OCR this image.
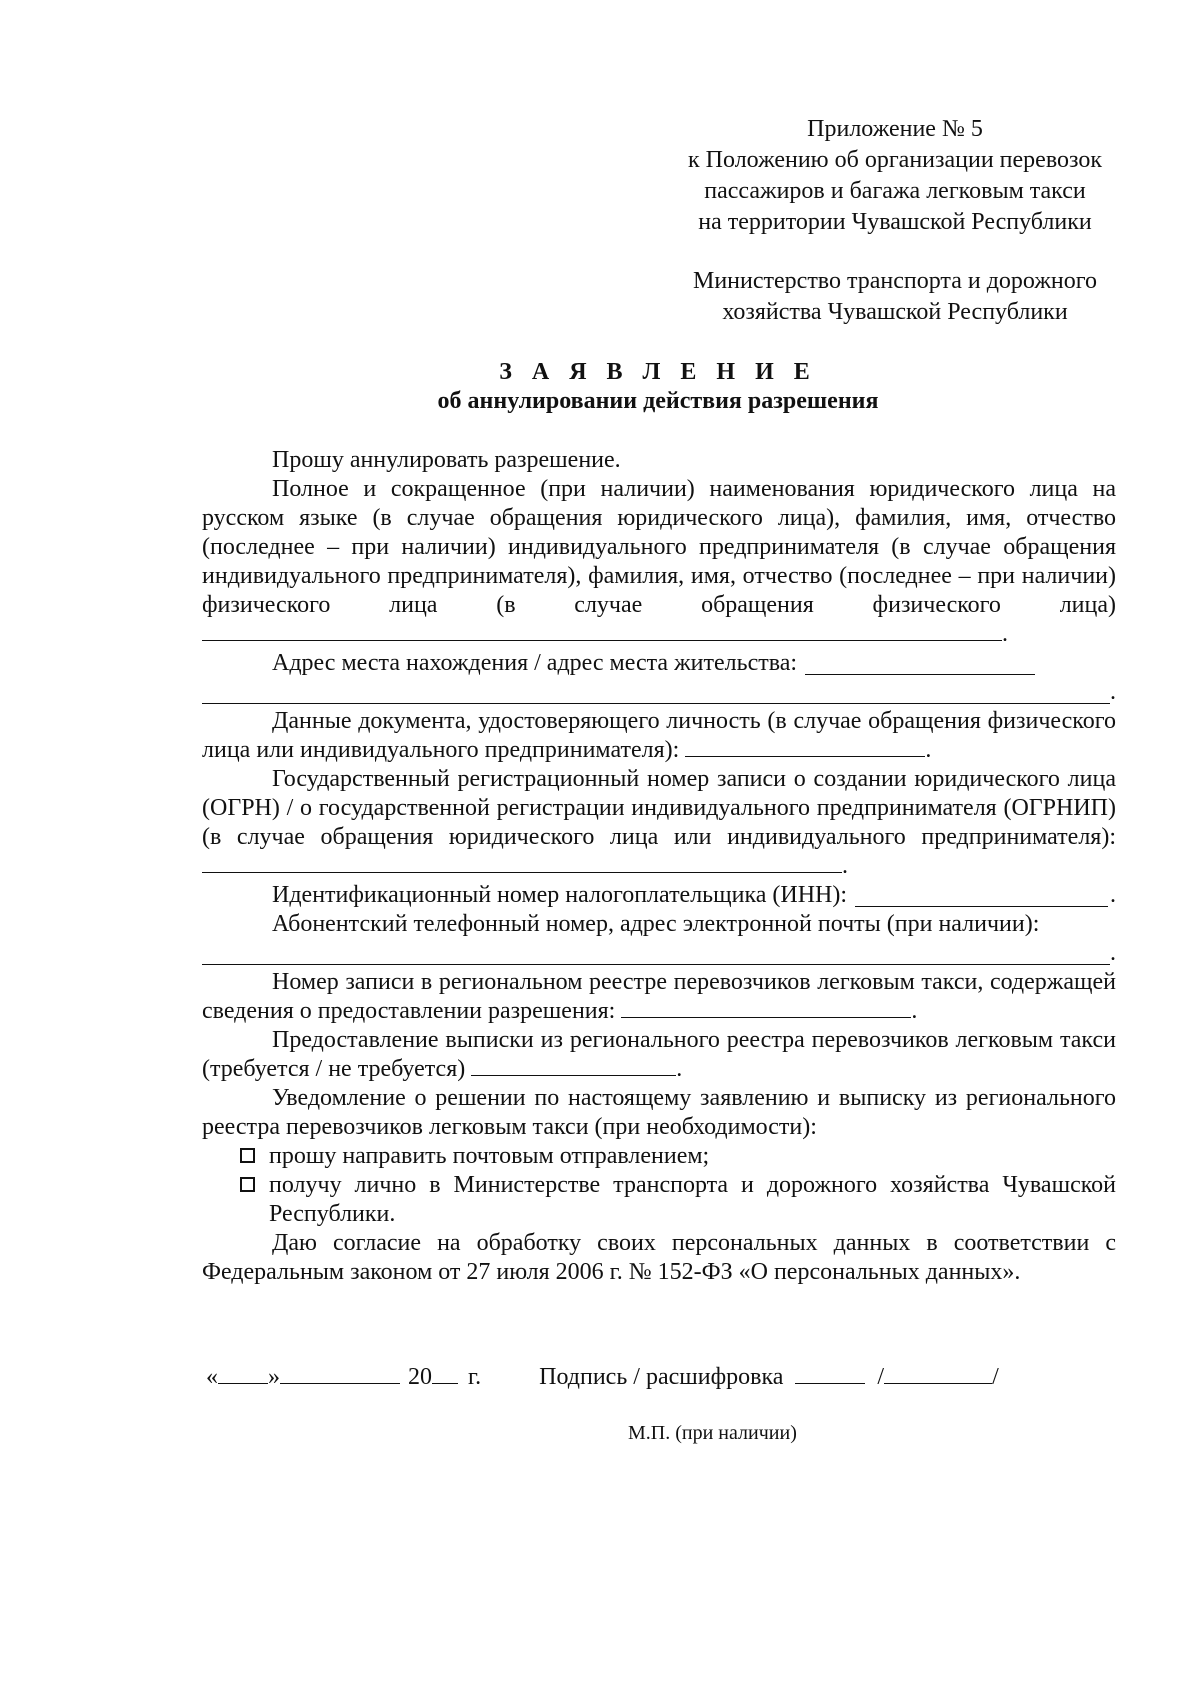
Приложение № 5
к Положению об организации перевозок
пассажиров и багажа легковым такси
на территории Чувашской Республики
Министерство транспорта и дорожного
хозяйства Чувашской Республики
З А Я В Л Е Н И Е
об аннулировании действия разрешения

Прошу аннулировать разрешение.

Полное и сокращенное (при наличии) наименования юридического лица на русском языке (в случае обращения юридического лица), фамилия, имя, отчество (последнее – при наличии) индивидуального предпринимателя (в случае обращения индивидуального предпринимателя), фамилия, имя, отчество (последнее – при наличии) физического лица (в случае обращения физического лица) .

Адрес места нахождения / адрес места жительства:
.

Данные документа, удостоверяющего личность (в случае обращения физического лица или индивидуального предпринимателя):	.

Государственный регистрационный номер записи о создании юридического лица (ОГРН) / о государственной регистрации индивидуального предпринимателя (ОГРНИП) (в случае обращения юридического лица или индивидуального предпринимателя): .

Идентификационный номер налогоплательщика (ИНН):	.

Абонентский телефонный номер, адрес электронной почты (при наличии):

.

Номер записи в региональном реестре перевозчиков легковым такси, содержащей сведения о предоставлении разрешения:	.

Предоставление выписки из регионального реестра перевозчиков легковым такси (требуется / не требуется)	.

Уведомление о решении по настоящему заявлению и выписку из регионального реестра перевозчиков легковым такси (при необходимости):

прошу направить почтовым отправлением;
получу лично в Министерстве транспорта и дорожного хозяйства Чувашской Республики.

Даю согласие на обработку своих персональных данных в соответствии с Федеральным законом от 27 июля 2006 г. № 152-ФЗ «О персональных данных».

« »	20 г. Подпись / расшифровка	/	/
М.П. (при наличии)
